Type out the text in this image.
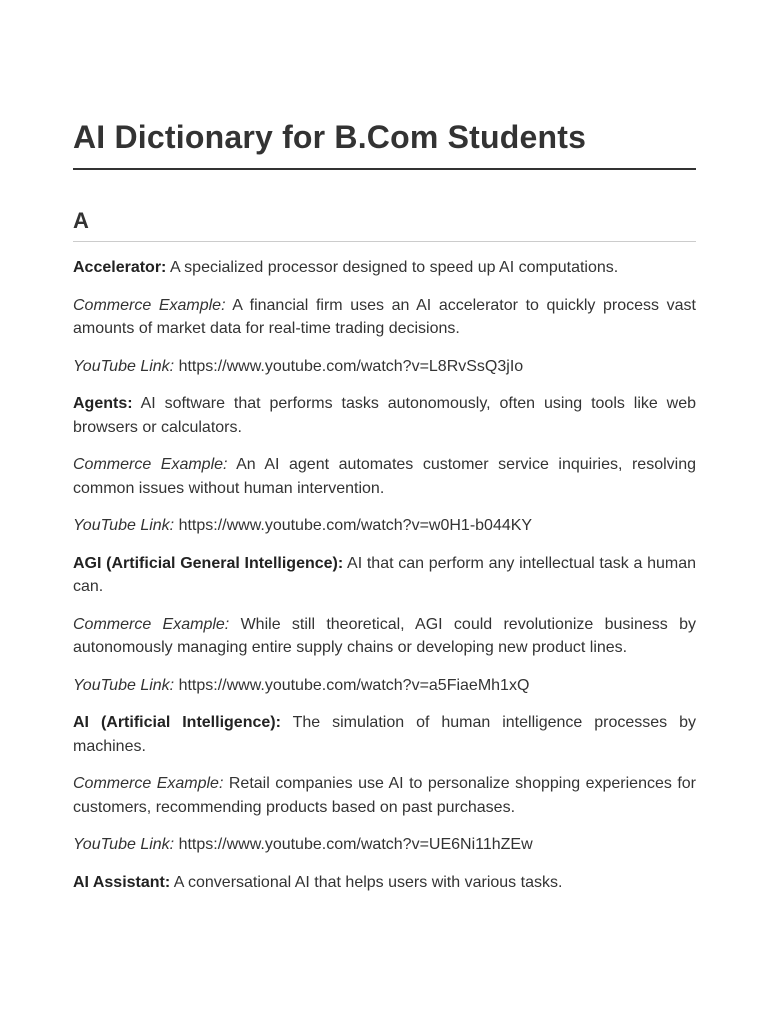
AI Dictionary for B.Com Students
A

Accelerator: A specialized processor designed to speed up AI computations.

Commerce Example: A financial firm uses an AI accelerator to quickly process vast amounts of market data for real-time trading decisions.

YouTube Link: https://www.youtube.com/watch?v=L8RvSsQ3jIo

Agents: AI software that performs tasks autonomously, often using tools like web browsers or calculators.

Commerce Example: An AI agent automates customer service inquiries, resolving common issues without human intervention.

YouTube Link: https://www.youtube.com/watch?v=w0H1-b044KY

AGI (Artificial General Intelligence): AI that can perform any intellectual task a human can.

Commerce Example: While still theoretical, AGI could revolutionize business by autonomously managing entire supply chains or developing new product lines.

YouTube Link: https://www.youtube.com/watch?v=a5FiaeMh1xQ

AI (Artificial Intelligence): The simulation of human intelligence processes by machines.

Commerce Example: Retail companies use AI to personalize shopping experiences for customers, recommending products based on past purchases.

YouTube Link: https://www.youtube.com/watch?v=UE6Ni11hZEw

AI Assistant: A conversational AI that helps users with various tasks.
